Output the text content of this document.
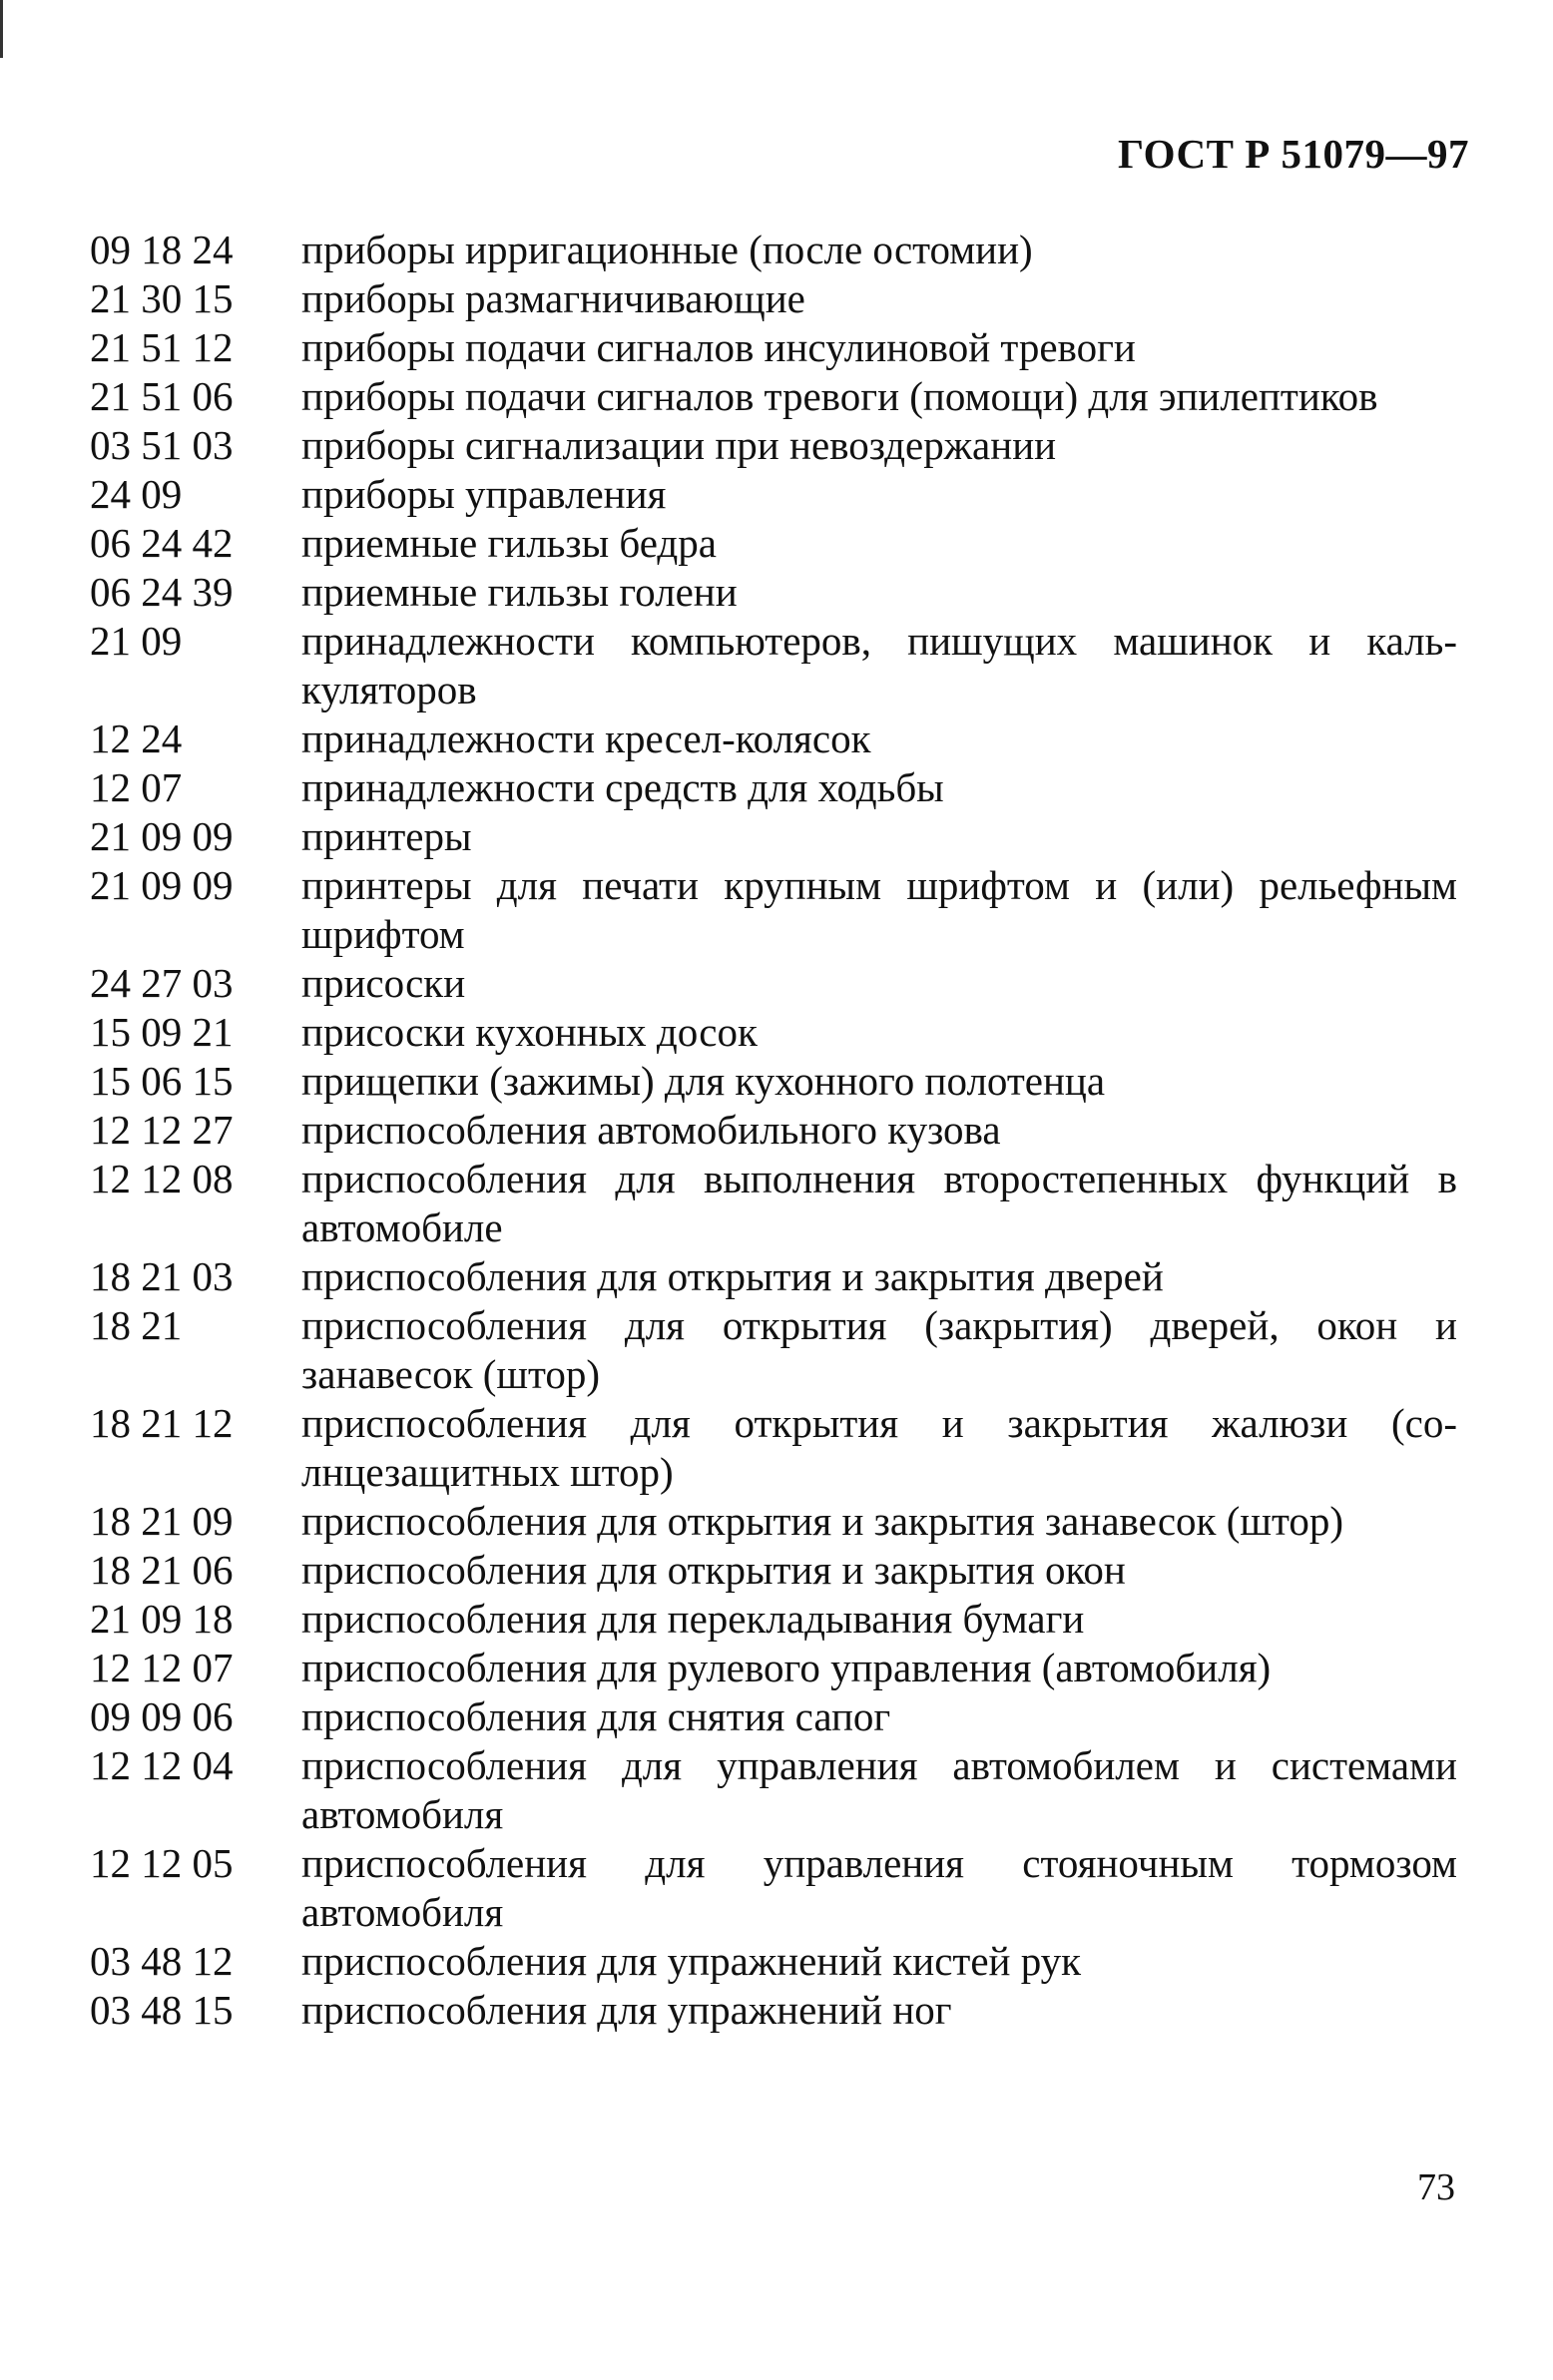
ГОСТ Р 51079—97
09 18 24	приборы ирригационные (после остомии)
21 30 15	приборы размагничивающие
21 51 12	приборы подачи сигналов инсулиновой тревоги
21 51 06	приборы подачи сигналов тревоги (помощи) для эпилептиков
03 51 03	приборы сигнализации при невоздержании
24 09	приборы управления
06 24 42	приемные гильзы бедра
06 24 39	приемные гильзы голени
21 09	принадлежности компьютеров, пишущих машинок и калькуляторов
12 24	принадлежности кресел-колясок
12 07	принадлежности средств для ходьбы
21 09 09	принтеры
21 09 09	принтеры для печати крупным шрифтом и (или) рельефным шрифтом
24 27 03	присоски
15 09 21	присоски кухонных досок
15 06 15	прищепки (зажимы) для кухонного полотенца
12 12 27	приспособления автомобильного кузова
12 12 08	приспособления для выполнения второстепенных функций в автомобиле
18 21 03	приспособления для открытия и закрытия дверей
18 21	приспособления для открытия (закрытия) дверей, окон и занавесок (штор)
18 21 12	приспособления для открытия и закрытия жалюзи (солнцезащитных штор)
18 21 09	приспособления для открытия и закрытия занавесок (штор)
18 21 06	приспособления для открытия и закрытия окон
21 09 18	приспособления для перекладывания бумаги
12 12 07	приспособления для рулевого управления (автомобиля)
09 09 06	приспособления для снятия сапог
12 12 04	приспособления для управления автомобилем и системами автомобиля
12 12 05	приспособления для управления стояночным тормозом автомобиля
03 48 12	приспособления для упражнений кистей рук
03 48 15	приспособления для упражнений ног
73
